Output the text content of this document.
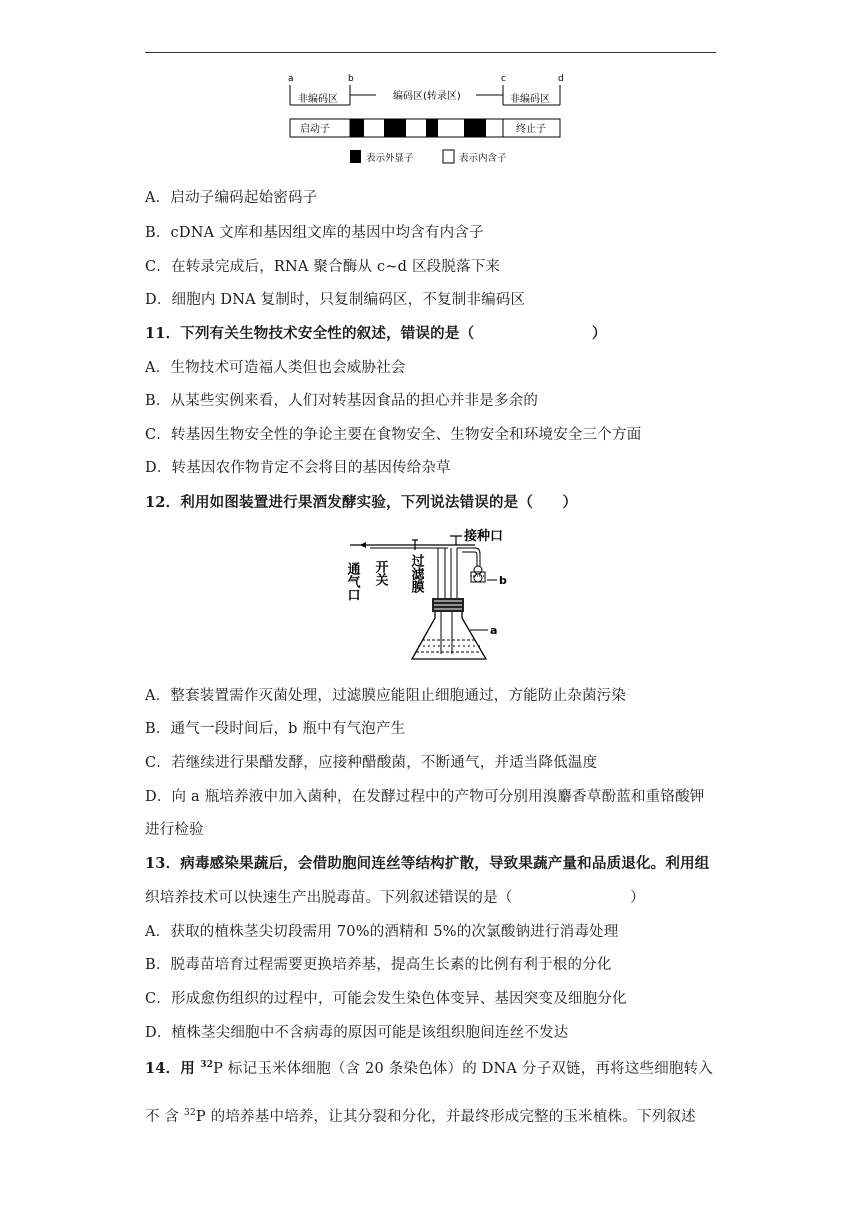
a	b	c	d
非编码区	编码区(转录区)	非编码区
启动子	终止子
表示外显子	表示内含子
A．启动子编码起始密码子
B．cDNA 文库和基因组文库的基因中均含有内含子
C．在转录完成后，RNA 聚合酶从 c~d 区段脱落下来
D．细胞内 DNA 复制时，只复制编码区，不复制非编码区
11．下列有关生物技术安全性的叙述，错误的是（　　　　　　　　）
A．生物技术可造福人类但也会威胁社会
B．从某些实例来看，人们对转基因食品的担心并非是多余的
C．转基因生物安全性的争论主要在食物安全、生物安全和环境安全三个方面
D．转基因农作物肯定不会将目的基因传给杂草
12．利用如图装置进行果酒发酵实验，下列说法错误的是（　　）
接种口
b
通气口 开关 过滤膜
a
A．整套装置需作灭菌处理，过滤膜应能阻止细胞通过，方能防止杂菌污染
B．通气一段时间后，b 瓶中有气泡产生
C．若继续进行果醋发酵，应接种醋酸菌，不断通气，并适当降低温度
D．向 a 瓶培养液中加入菌种，在发酵过程中的产物可分别用溴麝香草酚蓝和重铬酸钾
进行检验
13．病毒感染果蔬后，会借助胞间连丝等结构扩散，导致果蔬产量和品质退化。利用组
织培养技术可以快速生产出脱毒苗。下列叙述错误的是（　　　　　　　　）
A．获取的植株茎尖切段需用 70%的酒精和 5%的次氯酸钠进行消毒处理
B．脱毒苗培育过程需要更换培养基，提高生长素的比例有利于根的分化
C．形成愈伤组织的过程中，可能会发生染色体变异、基因突变及细胞分化
D．植株茎尖细胞中不含病毒的原因可能是该组织胞间连丝不发达
14．用 $^{32}$P 标记玉米体细胞（含 20 条染色体）的 DNA 分子双链，再将这些细胞转入
不 含 $^{32}$P 的培养基中培养，让其分裂和分化，并最终形成完整的玉米植株。下列叙述
